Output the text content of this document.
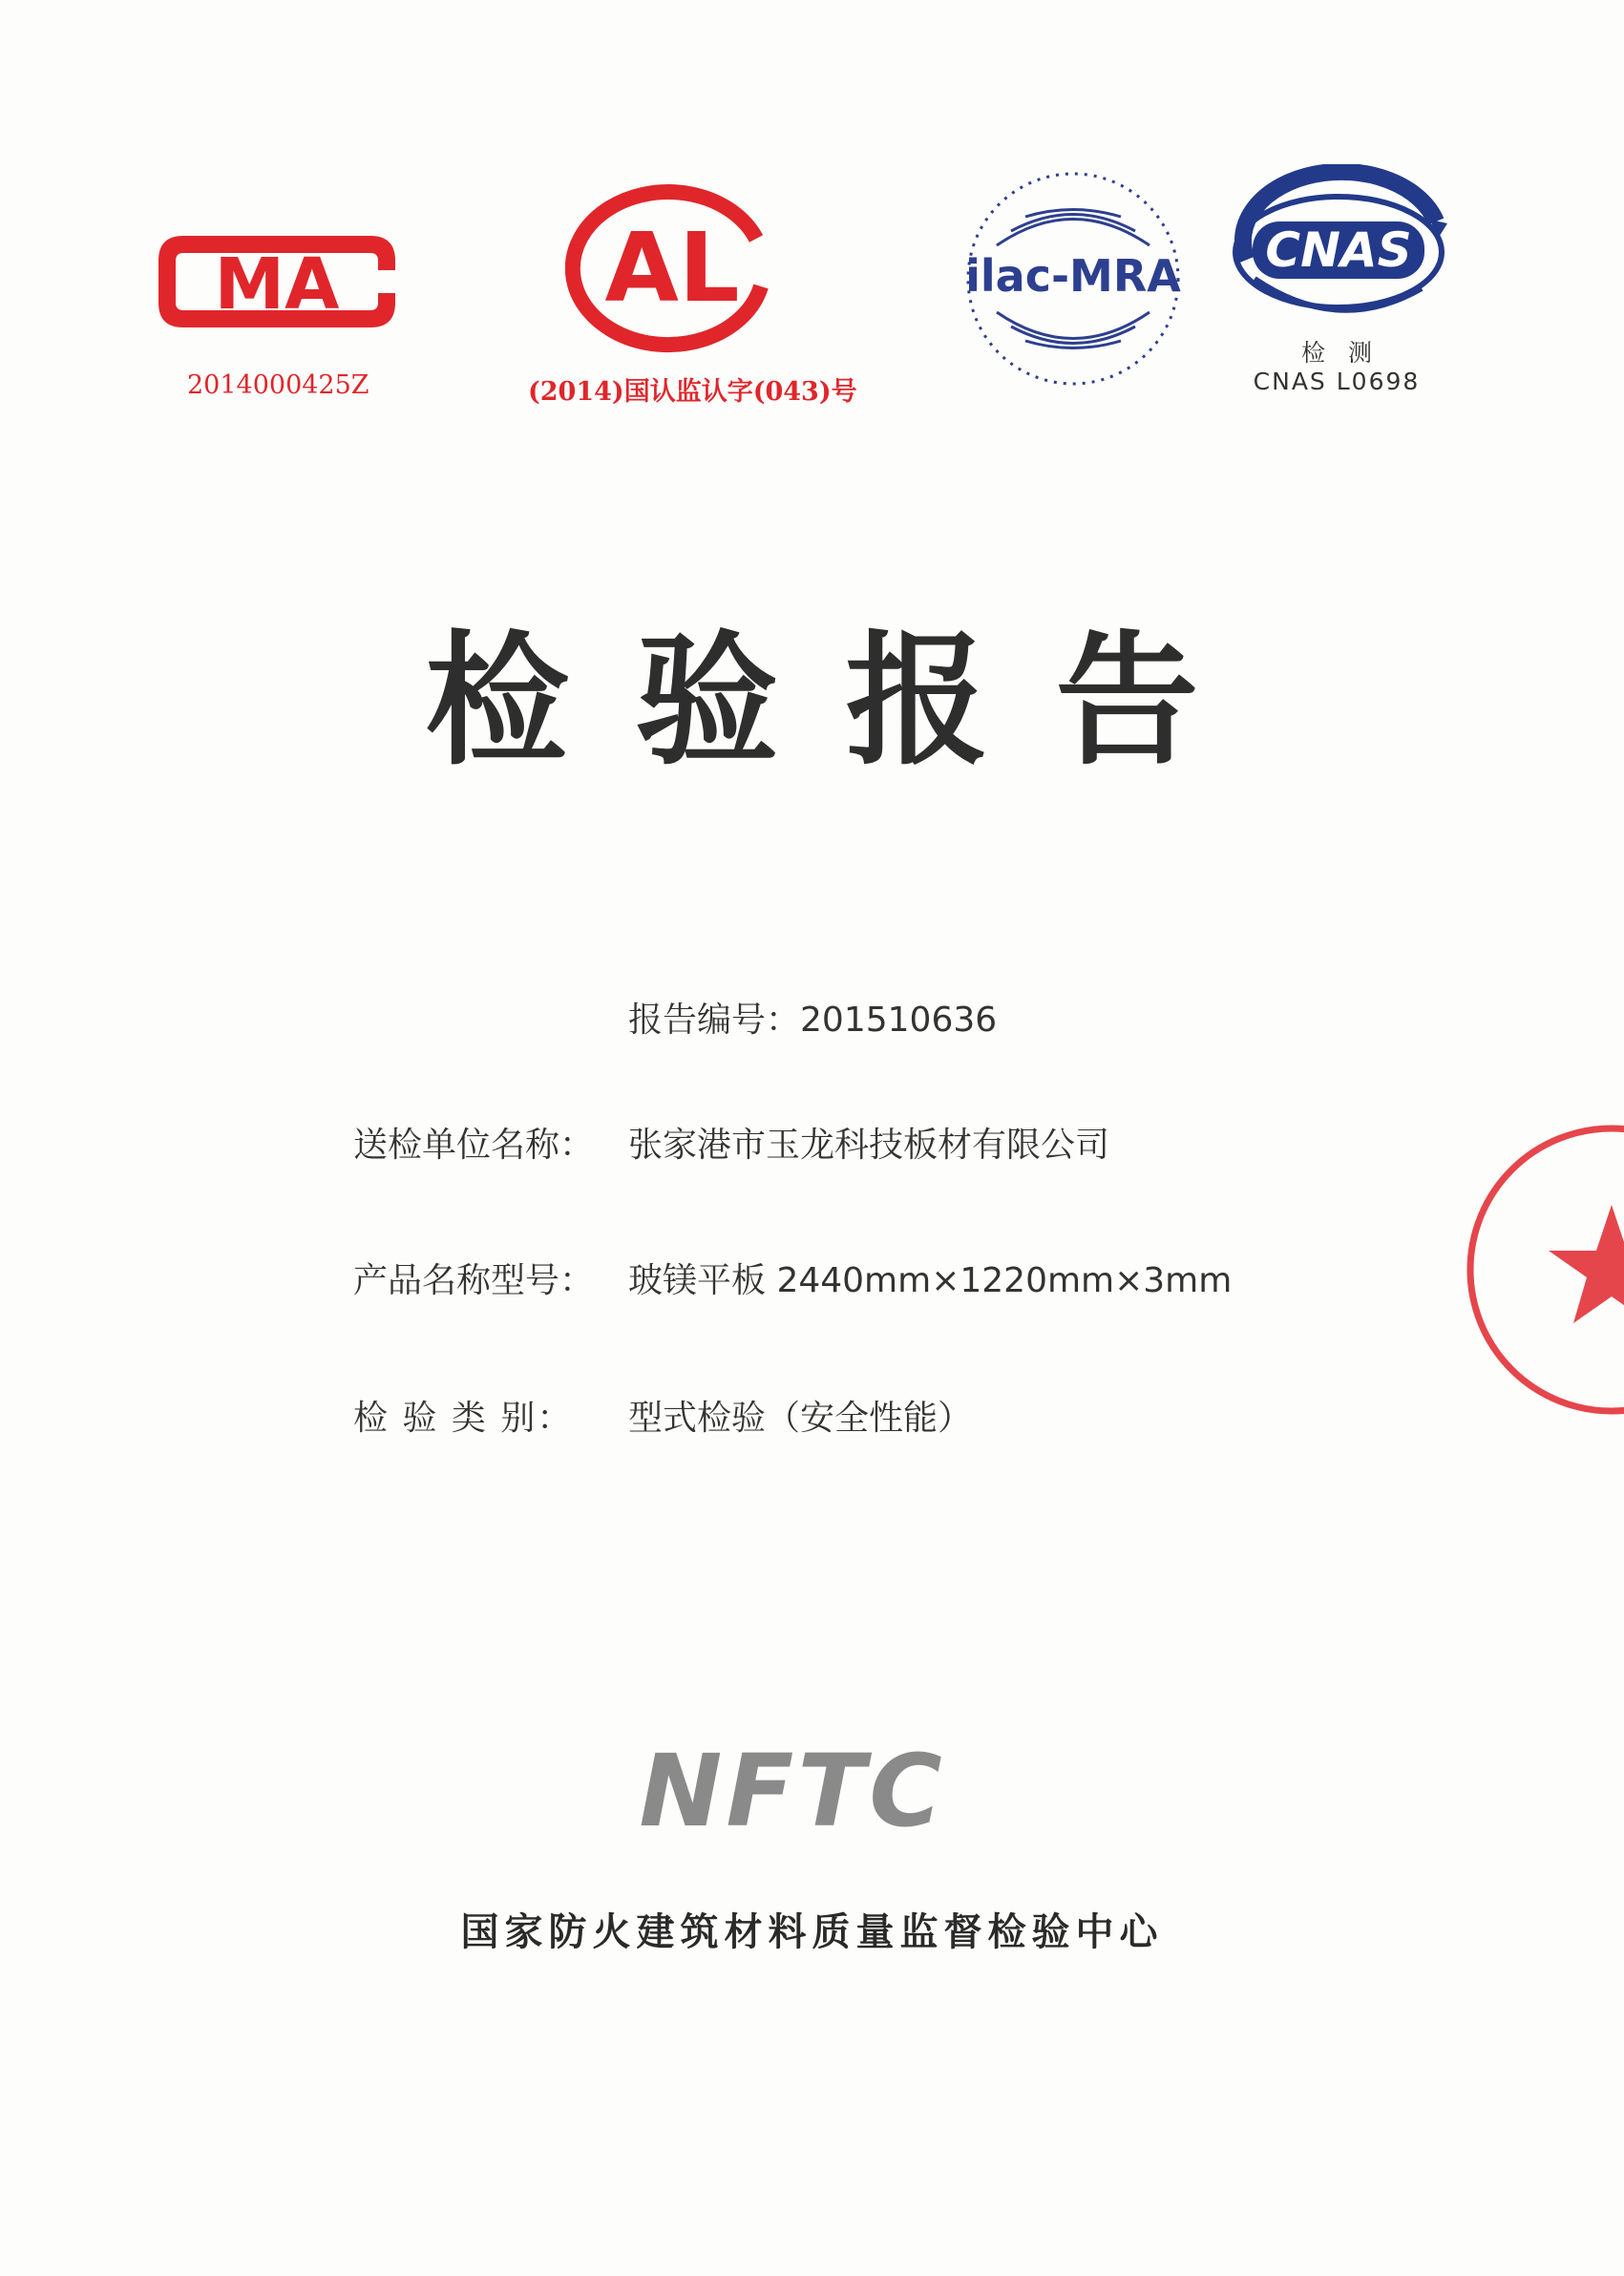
MA
2014000425Z
AL
(2014)国认监认字(043)号
ilac-MRA CNAS
检 测
CNAS L0698
检验报告
报告编号：201510636
送检单位名称： 张家港市玉龙科技板材有限公司
产品名称型号： 玻镁平板 2440mm×1220mm×3mm
检 验 类 别： 型式检验（安全性能）
NFTC
国家防火建筑材料质量监督检验中心
